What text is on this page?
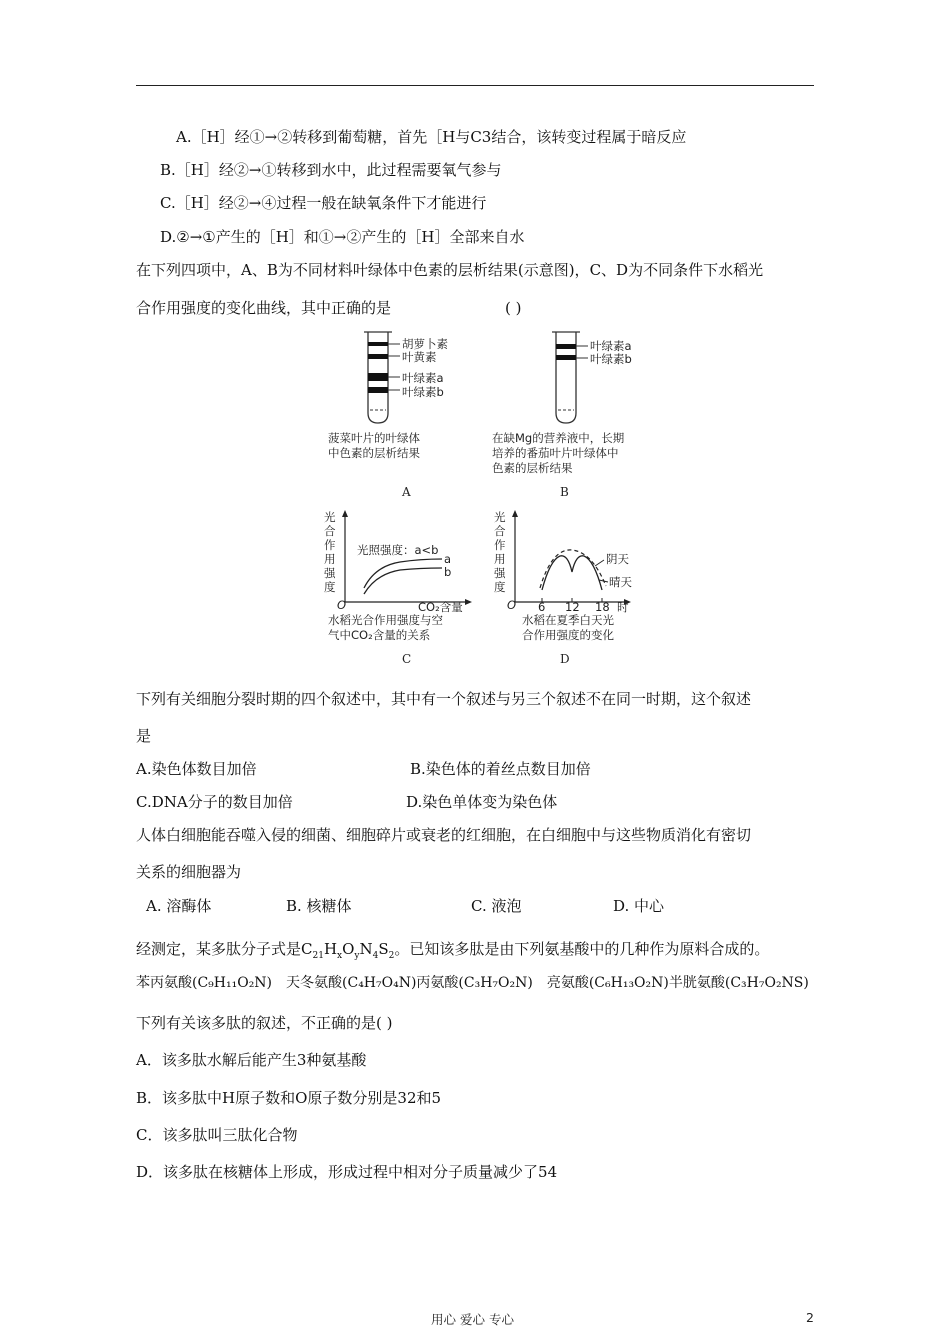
A.［H］经①→②转移到葡萄糖，首先［H与C3结合，该转变过程属于暗反应
B.［H］经②→①转移到水中，此过程需要氧气参与
C.［H］经②→④过程一般在缺氧条件下才能进行
D.②→①产生的［H］和①→②产生的［H］全部来自水
在下列四项中，A、B为不同材料叶绿体中色素的层析结果(示意图)，C、D为不同条件下水稻光
合作用强度的变化曲线，其中正确的是	( )
胡萝卜素
叶黄素
叶绿素a
叶绿素b
菠菜叶片的叶绿体
中色素的层析结果
A
叶绿素a
叶绿素b
在缺Mg的营养液中，长期
培养的番茄叶片叶绿体中
色素的层析结果
B
光
合
作
用
强
度
光照强度：a<b
a
b
O	CO₂含量
水稻光合作用强度与空
气中CO₂含量的关系
C
光
合
作
用
强
度
阴天
晴天
O 6 12 18 时
水稻在夏季白天光
合作用强度的变化
D
下列有关细胞分裂时期的四个叙述中，其中有一个叙述与另三个叙述不在同一时期，这个叙述
是
A.染色体数目加倍	B.染色体的着丝点数目加倍
C.DNA分子的数目加倍	D.染色单体变为染色体
人体白细胞能吞噬入侵的细菌、细胞碎片或衰老的红细胞，在白细胞中与这些物质消化有密切
关系的细胞器为
A. 溶酶体	B. 核糖体	C. 液泡	D. 中心
经测定，某多肽分子式是$C_{21}H_xO_yN_4S_2$。已知该多肽是由下列氨基酸中的几种作为原料合成的。
苯丙氨酸(C₉H₁₁O₂N)　天冬氨酸(C₄H₇O₄N)丙氨酸(C₃H₇O₂N)　亮氨酸(C₆H₁₃O₂N)半胱氨酸(C₃H₇O₂NS)
下列有关该多肽的叙述，不正确的是( )
A．该多肽水解后能产生3种氨基酸
B．该多肽中H原子数和O原子数分别是32和5
C．该多肽叫三肽化合物
D．该多肽在核糖体上形成，形成过程中相对分子质量减少了54
用心 爱心 专心	2
